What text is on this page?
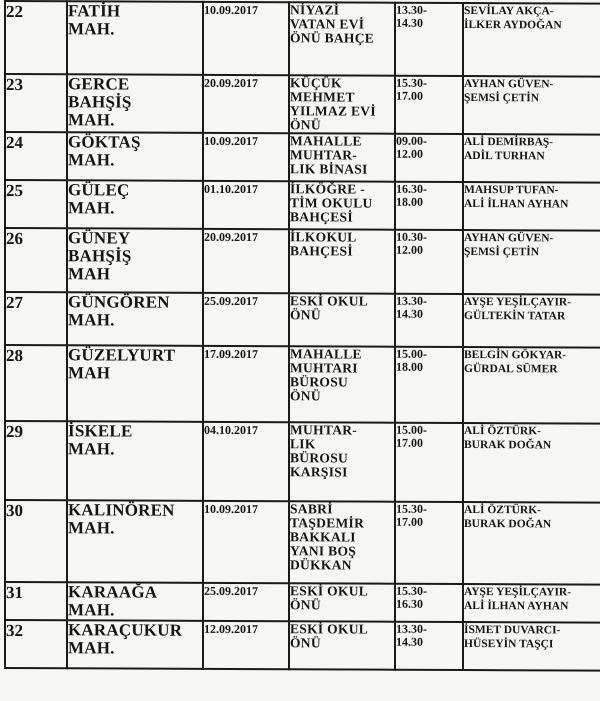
22	FATİH
MAH.	10.09.2017	NİYAZİ
VATAN EVİ
ÖNÜ BAHÇE	13.30-
14.30	SEVİLAY AKÇA-
İLKER AYDOĞAN

23	GERCE
BAHŞİŞ
MAH.	20.09.2017	KÜÇÜK
MEHMET
YILMAZ EVİ
ÖNÜ	15.30-
17.00	AYHAN GÜVEN-
ŞEMSİ ÇETİN

24	GÖKTAŞ
MAH.	10.09.2017	MAHALLE
MUHTAR-
LIK BİNASI	09.00-
12.00	ALİ DEMİRBAŞ-
ADİL TURHAN

25	GÜLEÇ
MAH.	01.10.2017	İLKÖĞRE -
TİM OKULU
BAHÇESİ	16.30-
18.00	MAHSUP TUFAN-
ALİ İLHAN AYHAN

26	GÜNEY
BAHŞİŞ
MAH	20.09.2017	İLKOKUL
BAHÇESİ	10.30-
12.00	AYHAN GÜVEN-
ŞEMSİ ÇETİN

27	GÜNGÖREN
MAH.	25.09.2017	ESKİ OKUL
ÖNÜ	13.30-
14.30	AYŞE YEŞİLÇAYIR-
GÜLTEKİN TATAR

28	GÜZELYURT
MAH	17.09.2017	MAHALLE
MUHTARI
BÜROSU
ÖNÜ	15.00-
18.00	BELGİN GÖKYAR-
GÜRDAL SÜMER

29	İSKELE
MAH.	04.10.2017	MUHTAR-
LIK
BÜROSU
KARŞISI	15.00-
17.00	ALİ ÖZTÜRK-
BURAK DOĞAN

30	KALINÖREN
MAH.	10.09.2017	SABRİ
TAŞDEMİR
BAKKALI
YANI BOŞ
DÜKKAN	15.30-
17.00	ALİ ÖZTÜRK-
BURAK DOĞAN

31	KARAAĞA
MAH.	25.09.2017	ESKİ OKUL
ÖNÜ	15.30-
16.30	AYŞE YEŞİLÇAYIR-
ALİ İLHAN AYHAN

32	KARAÇUKUR
MAH.	12.09.2017	ESKİ OKUL
ÖNÜ	13.30-
14.30	İSMET DUVARCI-
HÜSEYİN TAŞÇI
